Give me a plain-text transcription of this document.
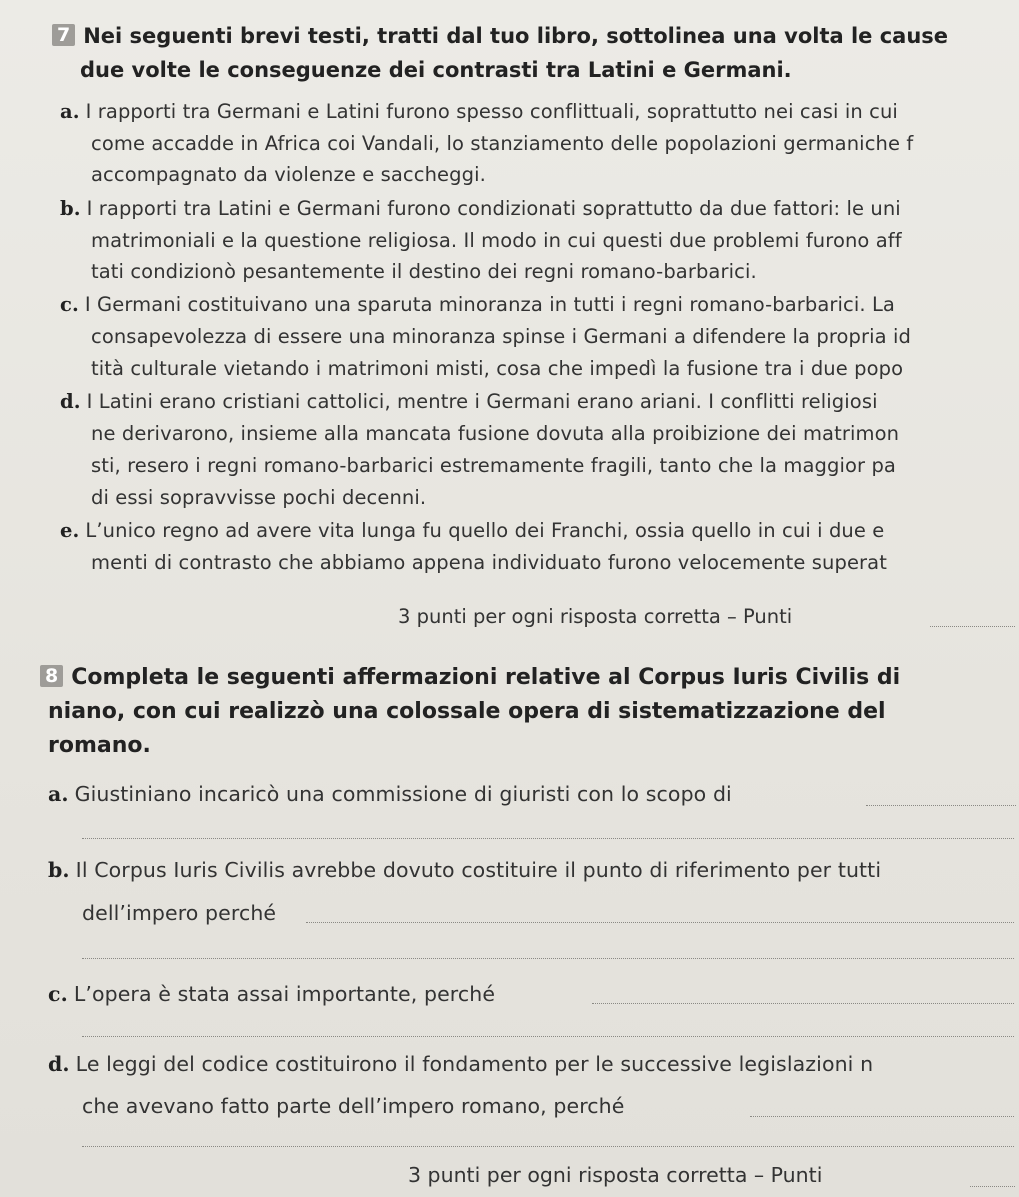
7 Nei seguenti brevi testi, tratti dal tuo libro, sottolinea una volta le cause
due volte le conseguenze dei contrasti tra Latini e Germani.
a. I rapporti tra Germani e Latini furono spesso conflittuali, soprattutto nei casi in cui
come accadde in Africa coi Vandali, lo stanziamento delle popolazioni germaniche f
accompagnato da violenze e saccheggi.
b. I rapporti tra Latini e Germani furono condizionati soprattutto da due fattori: le uni
matrimoniali e la questione religiosa. Il modo in cui questi due problemi furono aff
tati condizionò pesantemente il destino dei regni romano-barbarici.
c. I Germani costituivano una sparuta minoranza in tutti i regni romano-barbarici. La
consapevolezza di essere una minoranza spinse i Germani a difendere la propria id
tità culturale vietando i matrimoni misti, cosa che impedì la fusione tra i due popo
d. I Latini erano cristiani cattolici, mentre i Germani erano ariani. I conflitti religiosi
ne derivarono, insieme alla mancata fusione dovuta alla proibizione dei matrimon
sti, resero i regni romano-barbarici estremamente fragili, tanto che la maggior pa
di essi sopravvisse pochi decenni.
e. L’unico regno ad avere vita lunga fu quello dei Franchi, ossia quello in cui i due e
menti di contrasto che abbiamo appena individuato furono velocemente superat
3 punti per ogni risposta corretta – Punti
8 Completa le seguenti affermazioni relative al Corpus Iuris Civilis di
niano, con cui realizzò una colossale opera di sistematizzazione del
romano.
a. Giustiniano incaricò una commissione di giuristi con lo scopo di
b. Il Corpus Iuris Civilis avrebbe dovuto costituire il punto di riferimento per tutti
dell’impero perché
c. L’opera è stata assai importante, perché
d. Le leggi del codice costituirono il fondamento per le successive legislazioni n
che avevano fatto parte dell’impero romano, perché
3 punti per ogni risposta corretta – Punti
